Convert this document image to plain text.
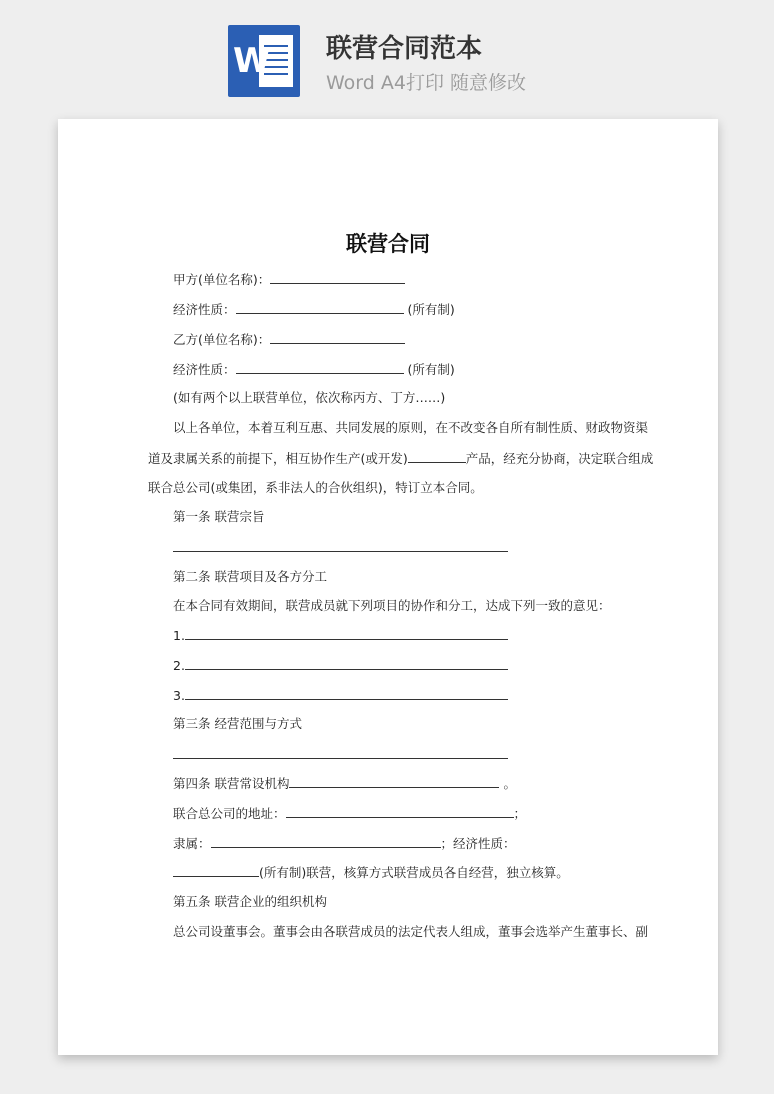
W 联营合同范本
Word A4打印 随意修改
联营合同
甲方(单位名称)：
经济性质：	(所有制)
乙方(单位名称)：
经济性质：	(所有制)
(如有两个以上联营单位，依次称丙方、丁方……)
以上各单位，本着互利互惠、共同发展的原则，在不改变各自所有制性质、财政物资渠
道及隶属关系的前提下，相互协作生产(或开发)	产品，经充分协商，决定联合组成
联合总公司(或集团，系非法人的合伙组织)，特订立本合同。
第一条 联营宗旨
第二条 联营项目及各方分工
在本合同有效期间，联营成员就下列项目的协作和分工，达成下列一致的意见：
1.
2.
3.
第三条 经营范围与方式
第四条 联营常设机构	。
联合总公司的地址：	；
隶属：	；经济性质：
(所有制)联营，核算方式联营成员各自经营，独立核算。
第五条 联营企业的组织机构
总公司设董事会。董事会由各联营成员的法定代表人组成，董事会选举产生董事长、副
